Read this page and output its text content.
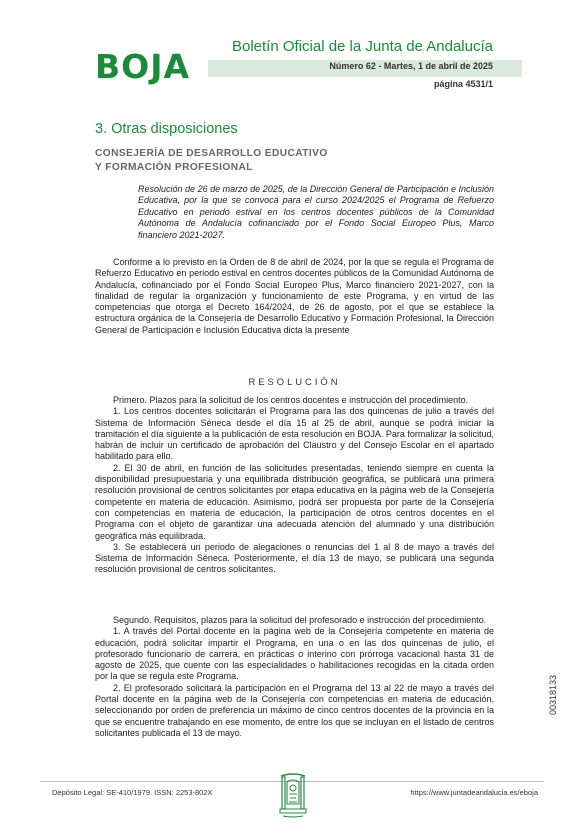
BOJA
Boletín Oficial de la Junta de Andalucía
Número 62 - Martes, 1 de abril de 2025
página 4531/1
3. Otras disposiciones
CONSEJERÍA DE DESARROLLO EDUCATIVO
Y FORMACIÓN PROFESIONAL
Resolución de 26 de marzo de 2025, de la Dirección General de Participación e Inclusión Educativa, por la que se convoca para el curso 2024/2025 el Programa de Refuerzo Educativo en periodo estival en los centros docentes públicos de la Comunidad Autónoma de Andalucía cofinanciado por el Fondo Social Europeo Plus, Marco financiero 2021-2027.

Conforme a lo previsto en la Orden de 8 de abril de 2024, por la que se regula el Programa de Refuerzo Educativo en periodo estival en centros docentes públicos de la Comunidad Autónoma de Andalucía, cofinanciado por el Fondo Social Europeo Plus, Marco financiero 2021-2027, con la finalidad de regular la organización y funcionamiento de este Programa, y en virtud de las competencias que otorga el Decreto 164/2024, de 26 de agosto, por el que se establece la estructura orgánica de la Consejería de Desarrollo Educativo y Formación Profesional, la Dirección General de Participación e Inclusión Educativa dicta la presente

RESOLUCIÓN

Primero. Plazos para la solicitud de los centros docentes e instrucción del procedimiento.

1. Los centros docentes solicitarán el Programa para las dos quincenas de julio a través del Sistema de Información Séneca desde el día 15 al 25 de abril, aunque se podrá iniciar la tramitación el día siguiente a la publicación de esta resolución en BOJA. Para formalizar la solicitud, habrán de incluir un certificado de aprobación del Claustro y del Consejo Escolar en el apartado habilitado para ello.

2. El 30 de abril, en función de las solicitudes presentadas, teniendo siempre en cuenta la disponibilidad presupuestaria y una equilibrada distribución geográfica, se publicará una primera resolución provisional de centros solicitantes por etapa educativa en la página web de la Consejería competente en materia de educación. Asimismo, podrá ser propuesta por parte de la Consejería con competencias en materia de educación, la participación de otros centros docentes en el Programa con el objeto de garantizar una adecuada atención del alumnado y una distribución geográfica más equilibrada.

3. Se establecerá un periodo de alegaciones o renuncias del 1 al 8 de mayo a través del Sistema de Información Séneca. Posteriormente, el día 13 de mayo, se publicará una segunda resolución provisional de centros solicitantes.

Segundo. Requisitos, plazos para la solicitud del profesorado e instrucción del procedimiento.

1. A través del Portal docente en la página web de la Consejería competente en materia de educación, podrá solicitar impartir el Programa, en una o en las dos quincenas de julio, el profesorado funcionario de carrera, en prácticas o interino con prórroga vacacional hasta 31 de agosto de 2025, que cuente con las especialidades o habilitaciones recogidas en la citada orden por la que se regula este Programa.

2. El profesorado solicitará la participación en el Programa del 13 al 22 de mayo a través del Portal docente en la página web de la Consejería con competencias en materia de educación, seleccionando por orden de preferencia un máximo de cinco centros docentes de la provincia en la que se encuentre trabajando en ese momento, de entre los que se incluyan en el listado de centros solicitantes publicada el 13 de mayo.

00318133
Depósito Legal: SE-410/1979. ISSN: 2253-802X	https://www.juntadeandalucia.es/eboja
